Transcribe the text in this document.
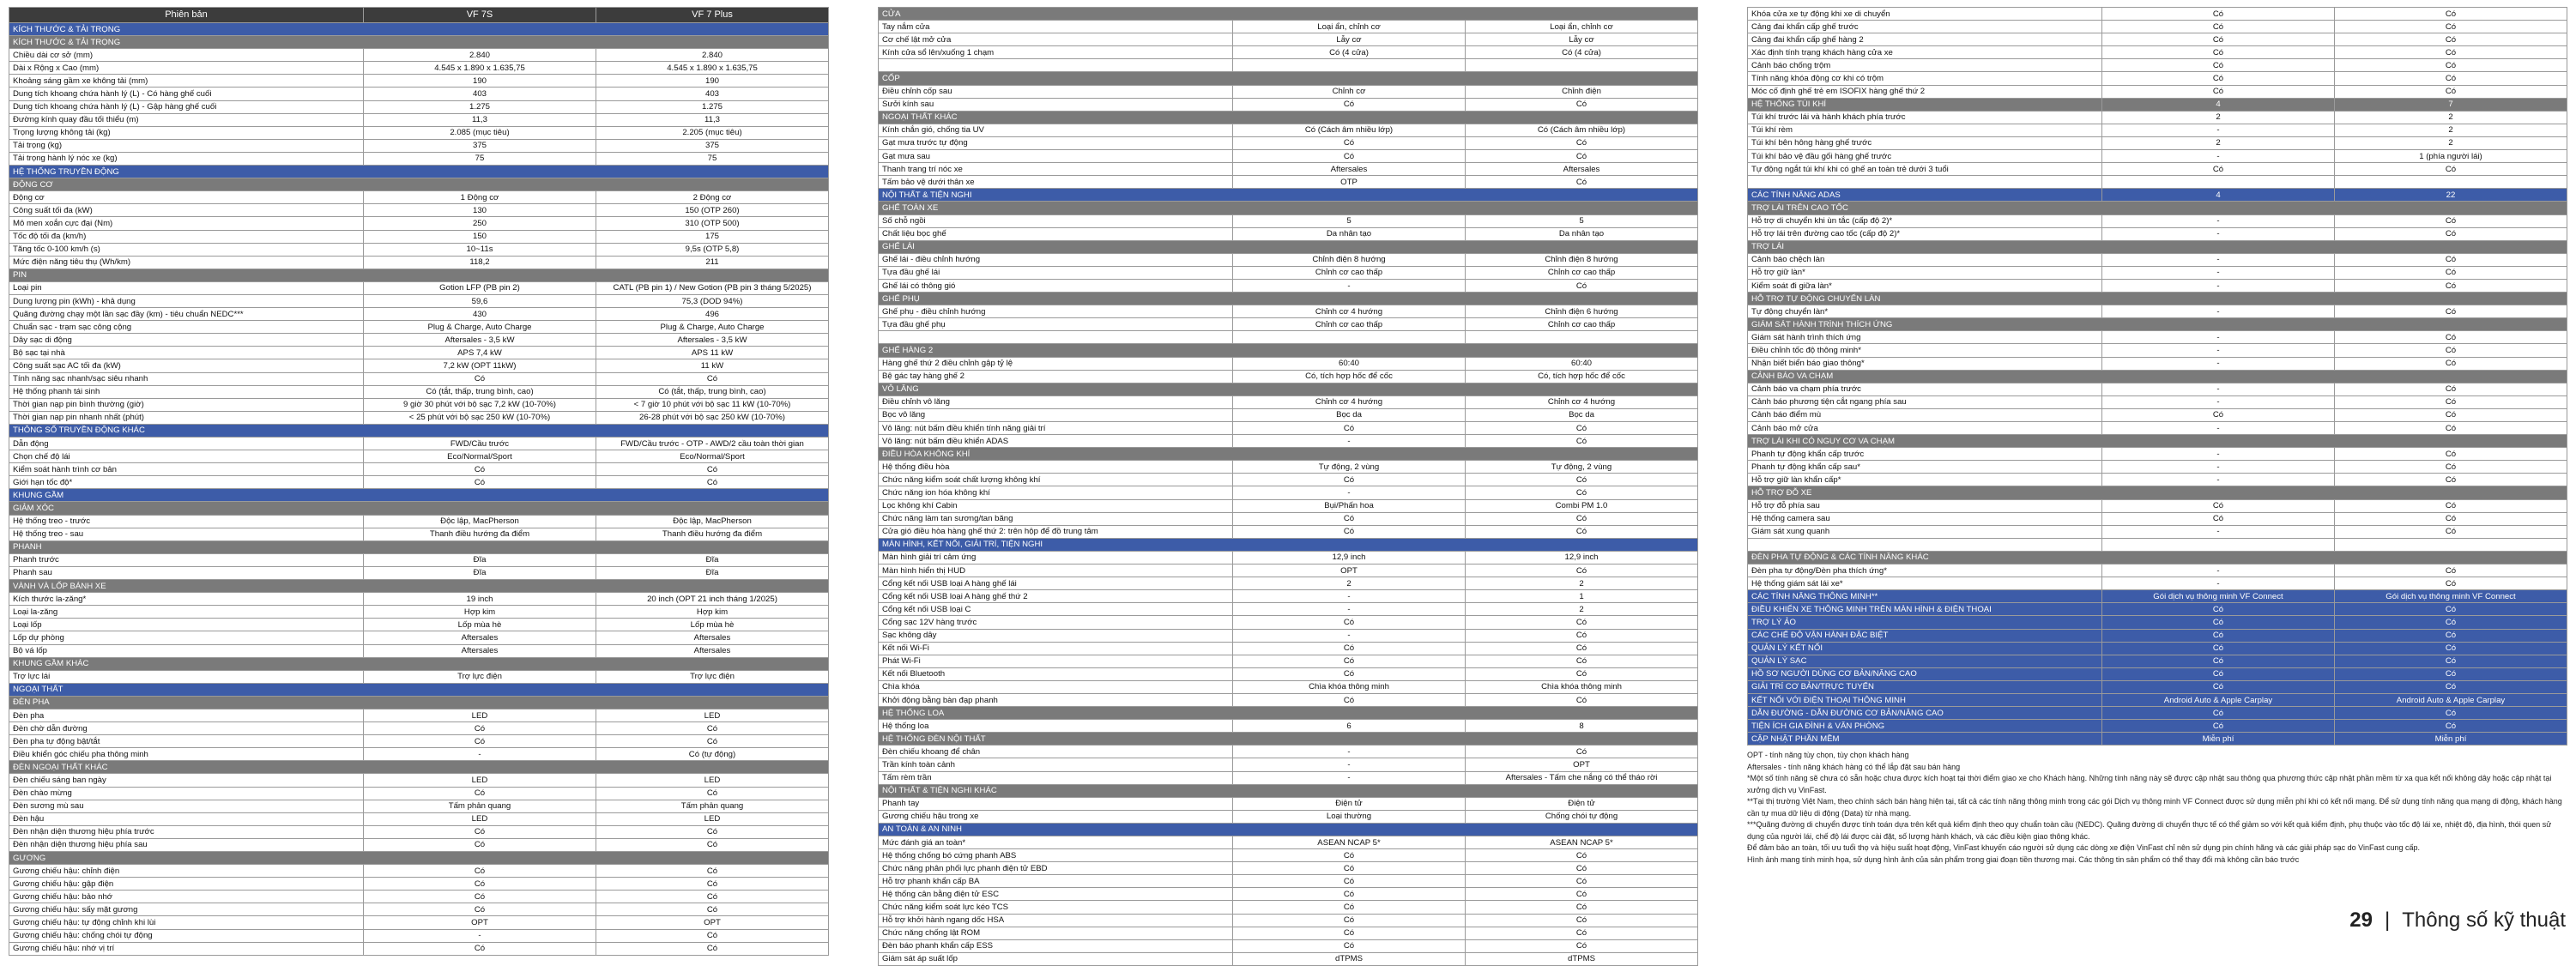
Phiên bản	VF 7S	VF 7 Plus
KÍCH THƯỚC & TẢI TRỌNG		
KÍCH THƯỚC & TẢI TRỌNG		
Chiều dài cơ sở (mm)	2.840	2.840
Dài x Rộng x Cao (mm)	4.545 x 1.890 x 1.635,75	4.545 x 1.890 x 1.635,75
Khoảng sáng gầm xe không tải (mm)	190	190
Dung tích khoang chứa hành lý (L) - Có hàng ghế cuối	403	403
Dung tích khoang chứa hành lý (L) - Gập hàng ghế cuối	1.275	1.275
Đường kính quay đầu tối thiểu (m)	11,3	11,3
Trọng lượng không tải (kg)	2.085 (mục tiêu)	2.205 (mục tiêu)
Tải trọng (kg)	375	375
Tải trọng hành lý nóc xe (kg)	75	75
HỆ THỐNG TRUYỀN ĐỘNG		
ĐỘNG CƠ		
Động cơ	1 Động cơ	2 Động cơ
Công suất tối đa (kW)	130	150 (OTP 260)
Mô men xoắn cực đại (Nm)	250	310 (OTP 500)
Tốc độ tối đa (km/h)	150	175
Tăng tốc 0-100 km/h (s)	10~11s	9,5s (OTP 5,8)
Mức điện năng tiêu thụ (Wh/km)	118,2	211
PIN		
Loại pin	Gotion LFP (PB pin 2)	CATL (PB pin 1) / New Gotion (PB pin 3 tháng 5/2025)
Dung lượng pin (kWh) - khả dụng	59,6	75,3 (DOD 94%)
Quãng đường chạy một lần sạc đầy (km) - tiêu chuẩn NEDC***	430	496
Chuẩn sạc - trạm sạc công cộng	Plug & Charge, Auto Charge	Plug & Charge, Auto Charge
Dây sạc di động	Aftersales - 3,5 kW	Aftersales - 3,5 kW
Bộ sạc tại nhà	APS 7,4 kW	APS 11 kW
Công suất sạc AC tối đa (kW)	7,2 kW (OPT 11kW)	11 kW
Tính năng sạc nhanh/sạc siêu nhanh	Có	Có
Hệ thống phanh tái sinh	Có (tắt, thấp, trung bình, cao)	Có (tắt, thấp, trung bình, cao)
Thời gian nạp pin bình thường (giờ)	9 giờ 30 phút với bộ sạc 7,2 kW (10-70%)	< 7 giờ 10 phút với bộ sạc 11 kW (10-70%)
Thời gian nạp pin nhanh nhất (phút)	< 25 phút với bộ sạc 250 kW (10-70%)	26-28 phút với bộ sạc 250 kW (10-70%)
THÔNG SỐ TRUYỀN ĐỘNG KHÁC		
Dẫn động	FWD/Cầu trước	FWD/Cầu trước - OTP - AWD/2 cầu toàn thời gian
Chọn chế độ lái	Eco/Normal/Sport	Eco/Normal/Sport
Kiểm soát hành trình cơ bản	Có	Có
Giới hạn tốc độ*	Có	Có
KHUNG GẦM		
GIẢM XÓC		
Hệ thống treo - trước	Độc lập, MacPherson	Độc lập, MacPherson
Hệ thống treo - sau	Thanh điều hướng đa điểm	Thanh điều hướng đa điểm
PHANH		
Phanh trước	Đĩa	Đĩa
Phanh sau	Đĩa	Đĩa
VÀNH VÀ LỐP BÁNH XE		
Kích thước la-zăng*	19 inch	20 inch (OPT 21 inch tháng 1/2025)
Loại la-zăng	Hợp kim	Hợp kim
Loại lốp	Lốp mùa hè	Lốp mùa hè
Lốp dự phòng	Aftersales	Aftersales
Bộ vá lốp	Aftersales	Aftersales
KHUNG GẦM KHÁC		
Trợ lực lái	Trợ lực điện	Trợ lực điện
NGOẠI THẤT		
ĐÈN PHA		
Đèn pha	LED	LED
Đèn chờ dẫn đường	Có	Có
Đèn pha tự động bật/tắt	Có	Có
Điều khiển góc chiếu pha thông minh	-	Có (tự động)
ĐÈN NGOẠI THẤT KHÁC		
Đèn chiếu sáng ban ngày	LED	LED
Đèn chào mừng	Có	Có
Đèn sương mù sau	Tấm phản quang	Tấm phản quang
Đèn hậu	LED	LED
Đèn nhận diện thương hiệu phía trước	Có	Có
Đèn nhận diện thương hiệu phía sau	Có	Có
GƯƠNG		
Gương chiếu hậu: chỉnh điện	Có	Có
Gương chiếu hậu: gập điện	Có	Có
Gương chiếu hậu: bảo nhớ	Có	Có
Gương chiếu hậu: sấy mặt gương	Có	Có
Gương chiếu hậu: tự động chỉnh khi lùi	OPT	OPT
Gương chiếu hậu: chống chói tự động	-	Có
Gương chiếu hậu: nhớ vị trí	Có	Có
CỬA		
Tay nắm cửa	Loại ẩn, chỉnh cơ	Loại ẩn, chỉnh cơ
Cơ chế lật mở cửa	Lẫy cơ	Lẫy cơ
Kính cửa sổ lên/xuống 1 chạm	Có (4 cửa)	Có (4 cửa)

CỐP		
Điều chỉnh cốp sau	Chỉnh cơ	Chỉnh điện
Sưởi kính sau	Có	Có
NGOẠI THẤT KHÁC		
Kính chắn gió, chống tia UV	Có (Cách âm nhiều lớp)	Có (Cách âm nhiều lớp)
Gạt mưa trước tự động	Có	Có
Gạt mưa sau	Có	Có
Thanh trang trí nóc xe	Aftersales	Aftersales
Tấm bảo vệ dưới thân xe	OTP	Có
NỘI THẤT & TIỆN NGHI		
GHẾ TOÀN XE		
Số chỗ ngồi	5	5
Chất liệu bọc ghế	Da nhân tạo	Da nhân tạo
GHẾ LÁI		
Ghế lái - điều chỉnh hướng	Chỉnh điện 8 hướng	Chỉnh điện 8 hướng
Tựa đầu ghế lái	Chỉnh cơ cao thấp	Chỉnh cơ cao thấp
Ghế lái có thông gió	-	Có
GHẾ PHỤ		
Ghế phụ - điều chỉnh hướng	Chỉnh cơ 4 hướng	Chỉnh điện 6 hướng
Tựa đầu ghế phụ	Chỉnh cơ cao thấp	Chỉnh cơ cao thấp

GHẾ HÀNG 2		
Hàng ghế thứ 2 điều chỉnh gập tỷ lệ	60:40	60:40
Bệ gác tay hàng ghế 2	Có, tích hợp hốc để cốc	Có, tích hợp hốc để cốc
VÔ LĂNG		
Điều chỉnh vô lăng	Chỉnh cơ 4 hướng	Chỉnh cơ 4 hướng
Bọc vô lăng	Bọc da	Bọc da
Vô lăng: nút bấm điều khiển tính năng giải trí	Có	Có
Vô lăng: nút bấm điều khiển ADAS	-	Có
ĐIỀU HÒA KHÔNG KHÍ		
Hệ thống điều hòa	Tự động, 2 vùng	Tự động, 2 vùng
Chức năng kiểm soát chất lượng không khí	Có	Có
Chức năng ion hóa không khí	-	Có
Lọc không khí Cabin	Bụi/Phấn hoa	Combi PM 1.0
Chức năng làm tan sương/tan băng	Có	Có
Cửa gió điều hòa hàng ghế thứ 2: trên hộp để đồ trung tâm	Có	Có
MÀN HÌNH, KẾT NỐI, GIẢI TRÍ, TIỆN NGHI		
Màn hình giải trí cảm ứng	12,9 inch	12,9 inch
Màn hình hiển thị HUD	OPT	Có
Cổng kết nối USB loại A hàng ghế lái	2	2
Cổng kết nối USB loại A hàng ghế thứ 2	-	1
Cổng kết nối USB loại C	-	2
Cổng sạc 12V hàng trước	Có	Có
Sạc không dây	-	Có
Kết nối Wi-Fi	Có	Có
Phát Wi-Fi	Có	Có
Kết nối Bluetooth	Có	Có
Chìa khóa	Chìa khóa thông minh	Chìa khóa thông minh
Khởi động bằng bàn đạp phanh	Có	Có
HỆ THỐNG LOA		
Hệ thống loa	6	8
HỆ THỐNG ĐÈN NỘI THẤT		
Đèn chiếu khoang để chân	-	Có
Trần kính toàn cảnh	-	OPT
Tấm rèm trần	-	Aftersales - Tấm che nắng có thể tháo rời
NỘI THẤT & TIỆN NGHI KHÁC		
Phanh tay	Điện tử	Điện tử
Gương chiếu hậu trong xe	Loại thường	Chống chói tự động
AN TOÀN & AN NINH		
Mức đánh giá an toàn*	ASEAN NCAP 5*	ASEAN NCAP 5*
Hệ thống chống bó cứng phanh ABS	Có	Có
Chức năng phân phối lực phanh điện tử EBD	Có	Có
Hỗ trợ phanh khẩn cấp BA	Có	Có
Hệ thống cân bằng điện tử ESC	Có	Có
Chức năng kiểm soát lực kéo TCS	Có	Có
Hỗ trợ khởi hành ngang dốc HSA	Có	Có
Chức năng chống lật ROM	Có	Có
Đèn báo phanh khẩn cấp ESS	Có	Có
Giám sát áp suất lốp	dTPMS	dTPMS
Khóa cửa xe tự động khi xe di chuyển	Có	Có
Cảng đai khẩn cấp ghế trước	Có	Có
Cảng đai khẩn cấp ghế hàng 2	Có	Có
Xác định tính trạng khách hàng cửa xe	Có	Có
Cảnh báo chống trộm	Có	Có
Tính năng khóa động cơ khi có trộm	Có	Có
Móc cố định ghế trẻ em ISOFIX hàng ghế thứ 2	Có	Có
HỆ THỐNG TÚI KHÍ	4	7
Túi khí trước lái và hành khách phía trước	2	2
Túi khí rèm	-	2
Túi khí bên hông hàng ghế trước	2	2
Túi khí bảo vệ đầu gối hàng ghế trước	-	1 (phía người lái)
Tự động ngắt túi khí khi có ghế an toàn trẻ dưới 3 tuổi	Có	Có

CÁC TÍNH NĂNG ADAS	4	22
TRỢ LÁI TRÊN CAO TỐC		
Hỗ trợ di chuyển khi ùn tắc (cấp độ 2)*	-	Có
Hỗ trợ lái trên đường cao tốc (cấp độ 2)*	-	Có
TRỢ LÁI		
Cảnh báo chệch làn	-	Có
Hỗ trợ giữ làn*	-	Có
Kiểm soát đi giữa làn*	-	Có
HỖ TRỢ TỰ ĐỘNG CHUYỂN LÀN		
Tự động chuyển làn*	-	Có
GIÁM SÁT HÀNH TRÌNH THÍCH ỨNG		
Giám sát hành trình thích ứng	-	Có
Điều chỉnh tốc độ thông minh*	-	Có
Nhận biết biển báo giao thông*	-	Có
CẢNH BÁO VA CHẠM		
Cảnh báo va chạm phía trước	-	Có
Cảnh báo phương tiện cắt ngang phía sau	-	Có
Cảnh báo điểm mù	Có	Có
Cảnh báo mở cửa	-	Có
TRỢ LÁI KHI CÓ NGUY CƠ VA CHẠM		
Phanh tự động khẩn cấp trước	-	Có
Phanh tự động khẩn cấp sau*	-	Có
Hỗ trợ giữ làn khẩn cấp*	-	Có
HỖ TRỢ ĐỖ XE		
Hỗ trợ đỗ phía sau	Có	Có
Hệ thống camera sau	Có	Có
Giám sát xung quanh	-	Có

ĐÈN PHA TỰ ĐỘNG & CÁC TÍNH NĂNG KHÁC		
Đèn pha tự động/Đèn pha thích ứng*	-	Có
Hệ thống giám sát lái xe*	-	Có
CÁC TÍNH NĂNG THÔNG MINH**	Gói dịch vụ thông minh VF Connect	Gói dịch vụ thông minh VF Connect
ĐIỀU KHIỂN XE THÔNG MINH TRÊN MÀN HÌNH & ĐIỆN THOẠI	Có	Có
TRỢ LÝ ẢO	Có	Có
CÁC CHẾ ĐỘ VẬN HÀNH ĐẶC BIỆT	Có	Có
QUẢN LÝ KẾT NỐI	Có	Có
QUẢN LÝ SẠC	Có	Có
HỒ SƠ NGƯỜI DÙNG CƠ BẢN/NÂNG CAO	Có	Có
GIẢI TRÍ CƠ BẢN/TRỰC TUYẾN	Có	Có
KẾT NỐI VỚI ĐIỆN THOẠI THÔNG MINH	Android Auto & Apple Carplay	Android Auto & Apple Carplay
DẪN ĐƯỜNG - DẪN ĐƯỜNG CƠ BẢN/NÂNG CAO	Có	Có
TIỆN ÍCH GIA ĐÌNH & VĂN PHÒNG	Có	Có
CẬP NHẬT PHẦN MỀM	Miễn phí	Miễn phí

OPT - tính năng tùy chọn, tùy chọn khách hàng

Aftersales - tính năng khách hàng có thể lắp đặt sau bán hàng

*Một số tính năng sẽ chưa có sẵn hoặc chưa được kích hoạt tại thời điểm giao xe cho Khách hàng. Những tính năng này sẽ được cập nhật sau thông qua phương thức cập nhật phần mềm từ xa qua kết nối không dây hoặc cập nhật tại xưởng dịch vụ VinFast.

**Tại thị trường Việt Nam, theo chính sách bán hàng hiện tại, tất cả các tính năng thông minh trong các gói Dịch vụ thông minh VF Connect được sử dụng miễn phí khi có kết nối mạng. Để sử dụng tính năng qua mạng di động, khách hàng cần tự mua dữ liệu di động (Data) từ nhà mạng.

***Quãng đường di chuyển được tính toán dựa trên kết quả kiểm định theo quy chuẩn toàn cầu (NEDC). Quãng đường di chuyển thực tế có thể giảm so với kết quả kiểm định, phụ thuộc vào tốc độ lái xe, nhiệt độ, địa hình, thói quen sử dụng của người lái, chế độ lái được cài đặt, số lượng hành khách, và các điều kiện giao thông khác.

Để đảm bảo an toàn, tối ưu tuổi thọ và hiệu suất hoạt động, VinFast khuyến cáo người sử dụng các dòng xe điện VinFast chỉ nên sử dụng pin chính hãng và các giải pháp sạc do VinFast cung cấp.

Hình ảnh mang tính minh họa, sử dụng hình ảnh của sản phẩm trong giai đoạn tiền thương mại. Các thông tin sản phẩm có thể thay đổi mà không cần báo trước

29 | Thông số kỹ thuật
